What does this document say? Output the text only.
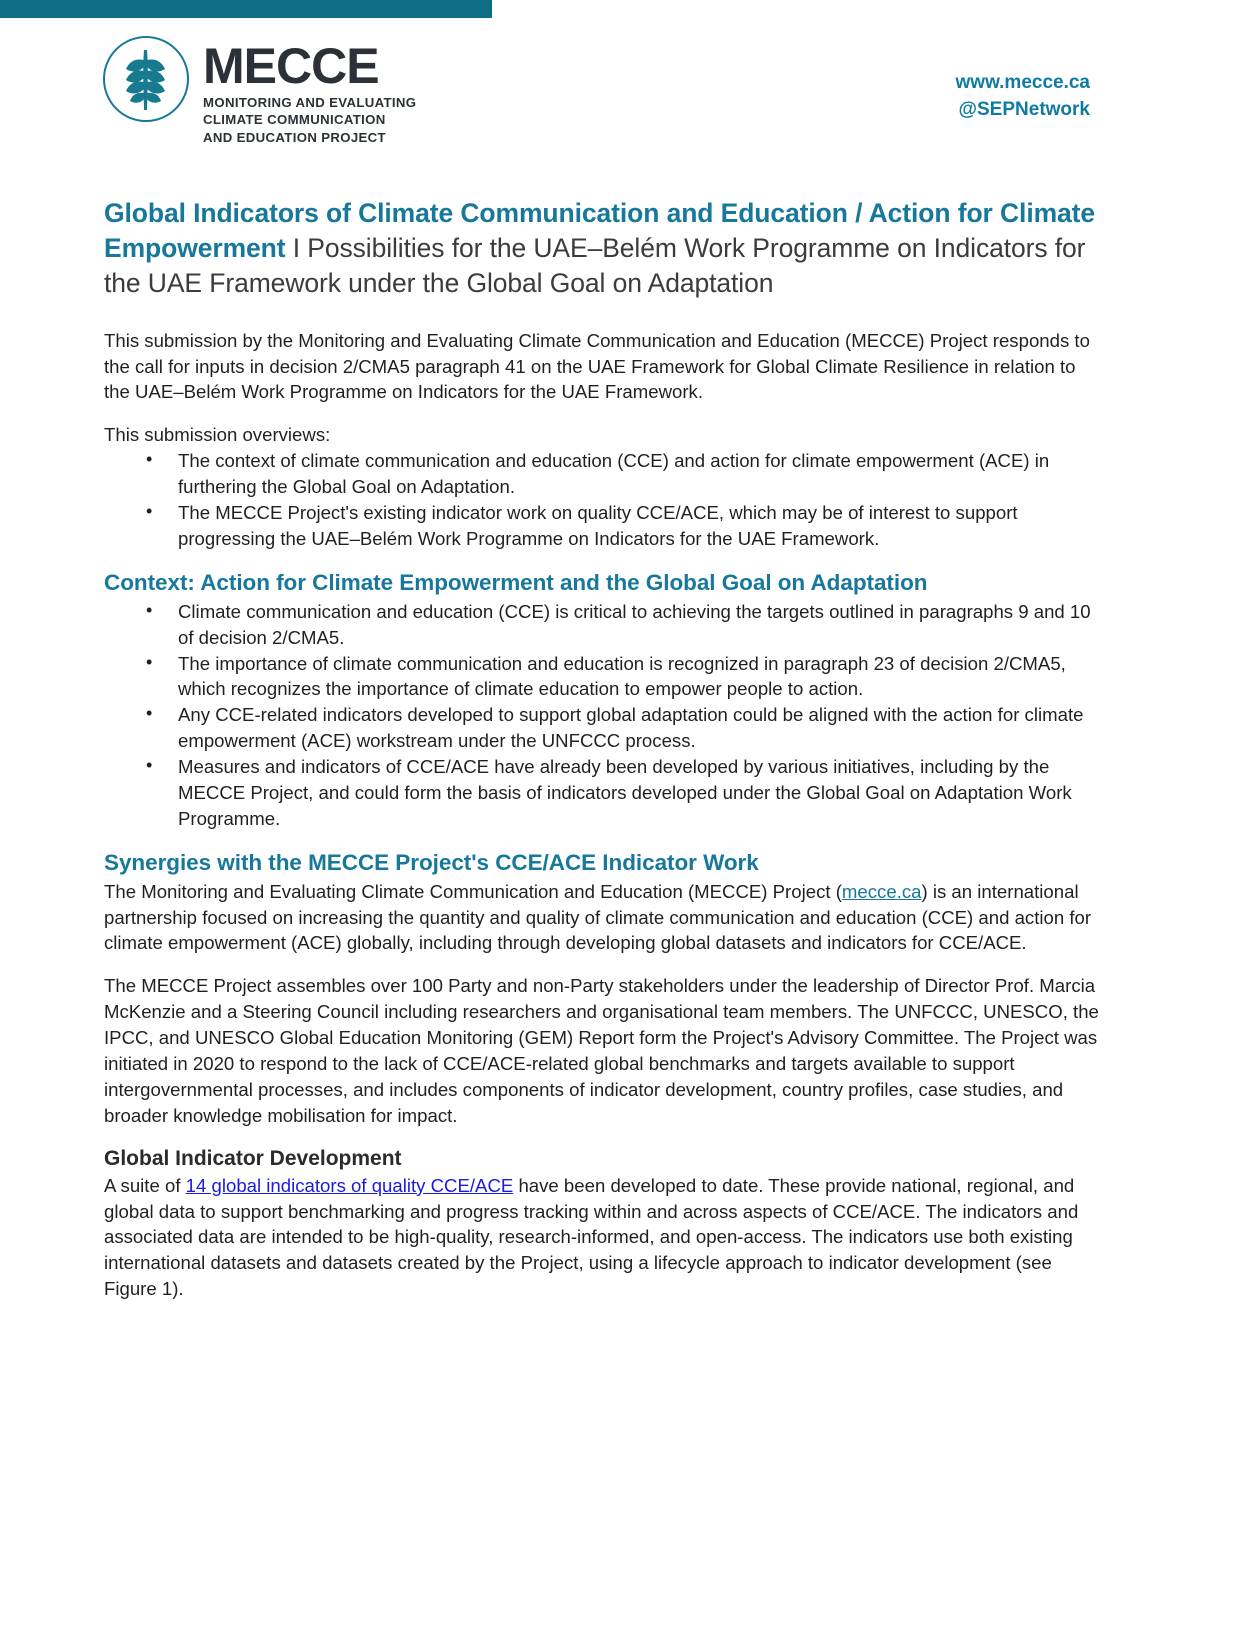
MECCE
MONITORING AND EVALUATING
CLIMATE COMMUNICATION
AND EDUCATION PROJECT
www.mecce.ca
@SEPNetwork
Global Indicators of Climate Communication and Education / Action for Climate Empowerment I Possibilities for the UAE–Belém Work Programme on Indicators for the UAE Framework under the Global Goal on Adaptation

This submission by the Monitoring and Evaluating Climate Communication and Education (MECCE) Project responds to the call for inputs in decision 2/CMA5 paragraph 41 on the UAE Framework for Global Climate Resilience in relation to the UAE–Belém Work Programme on Indicators for the UAE Framework.

This submission overviews:

• The context of climate communication and education (CCE) and action for climate empowerment (ACE) in furthering the Global Goal on Adaptation.
• The MECCE Project's existing indicator work on quality CCE/ACE, which may be of interest to support progressing the UAE–Belém Work Programme on Indicators for the UAE Framework.
Context: Action for Climate Empowerment and the Global Goal on Adaptation
• Climate communication and education (CCE) is critical to achieving the targets outlined in paragraphs 9 and 10 of decision 2/CMA5.
• The importance of climate communication and education is recognized in paragraph 23 of decision 2/CMA5, which recognizes the importance of climate education to empower people to action.
• Any CCE-related indicators developed to support global adaptation could be aligned with the action for climate empowerment (ACE) workstream under the UNFCCC process.
• Measures and indicators of CCE/ACE have already been developed by various initiatives, including by the MECCE Project, and could form the basis of indicators developed under the Global Goal on Adaptation Work Programme.
Synergies with the MECCE Project's CCE/ACE Indicator Work

The Monitoring and Evaluating Climate Communication and Education (MECCE) Project (mecce.ca) is an international partnership focused on increasing the quantity and quality of climate communication and education (CCE) and action for climate empowerment (ACE) globally, including through developing global datasets and indicators for CCE/ACE.

The MECCE Project assembles over 100 Party and non-Party stakeholders under the leadership of Director Prof. Marcia McKenzie and a Steering Council including researchers and organisational team members. The UNFCCC, UNESCO, the IPCC, and UNESCO Global Education Monitoring (GEM) Report form the Project's Advisory Committee. The Project was initiated in 2020 to respond to the lack of CCE/ACE-related global benchmarks and targets available to support intergovernmental processes, and includes components of indicator development, country profiles, case studies, and broader knowledge mobilisation for impact.

Global Indicator Development

A suite of 14 global indicators of quality CCE/ACE have been developed to date. These provide national, regional, and global data to support benchmarking and progress tracking within and across aspects of CCE/ACE. The indicators and associated data are intended to be high-quality, research-informed, and open-access. The indicators use both existing international datasets and datasets created by the Project, using a lifecycle approach to indicator development (see Figure 1).
